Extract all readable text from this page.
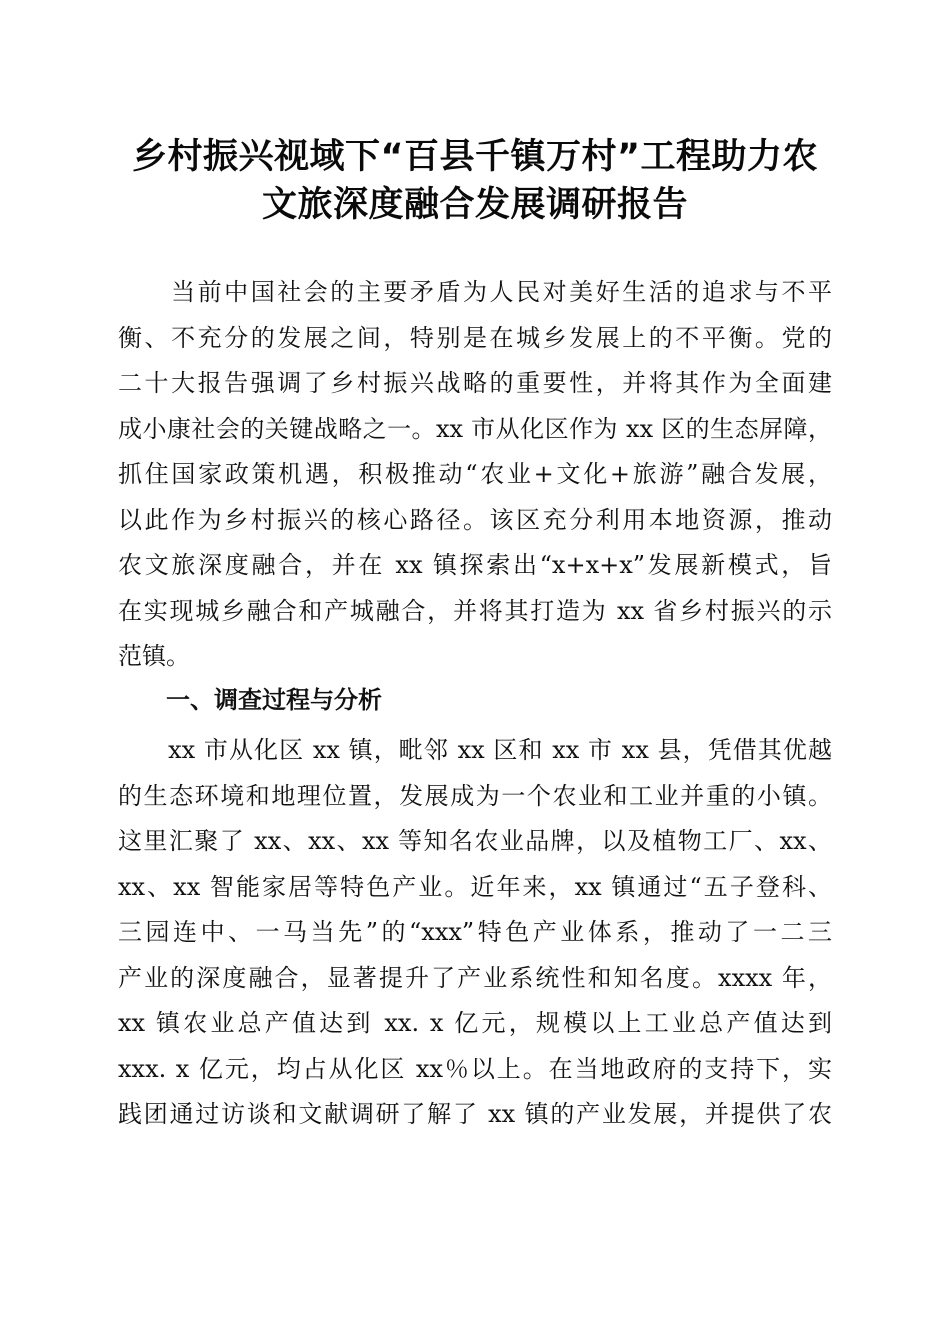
乡村振兴视域下“百县千镇万村”工程助力农
文旅深度融合发展调研报告
　　当前中国社会的主要矛盾为人民对美好生活的追求与不平
衡、不充分的发展之间，特别是在城乡发展上的不平衡。党的
二十大报告强调了乡村振兴战略的重要性，并将其作为全面建
成小康社会的关键战略之一。xx 市从化区作为 xx 区的生态屏障，
抓住国家政策机遇，积极推动“农业+文化+旅游”融合发展，
以此作为乡村振兴的核心路径。该区充分利用本地资源，推动
农文旅深度融合，并在 xx 镇探索出“x+x+x”发展新模式，旨
在实现城乡融合和产城融合，并将其打造为 xx 省乡村振兴的示
范镇。
一、调查过程与分析
　　xx 市从化区 xx 镇，毗邻 xx 区和 xx 市 xx 县，凭借其优越
的生态环境和地理位置，发展成为一个农业和工业并重的小镇。
这里汇聚了 xx、xx、xx 等知名农业品牌，以及植物工厂、xx、
xx、xx 智能家居等特色产业。近年来，xx 镇通过“五子登科、
三园连中、一马当先”的“xxx”特色产业体系，推动了一二三
产业的深度融合，显著提升了产业系统性和知名度。xxxx 年，
xx 镇农业总产值达到 xx. x 亿元，规模以上工业总产值达到
xxx. x 亿元，均占从化区 xx％以上。在当地政府的支持下，实
践团通过访谈和文献调研了解了 xx 镇的产业发展，并提供了农
